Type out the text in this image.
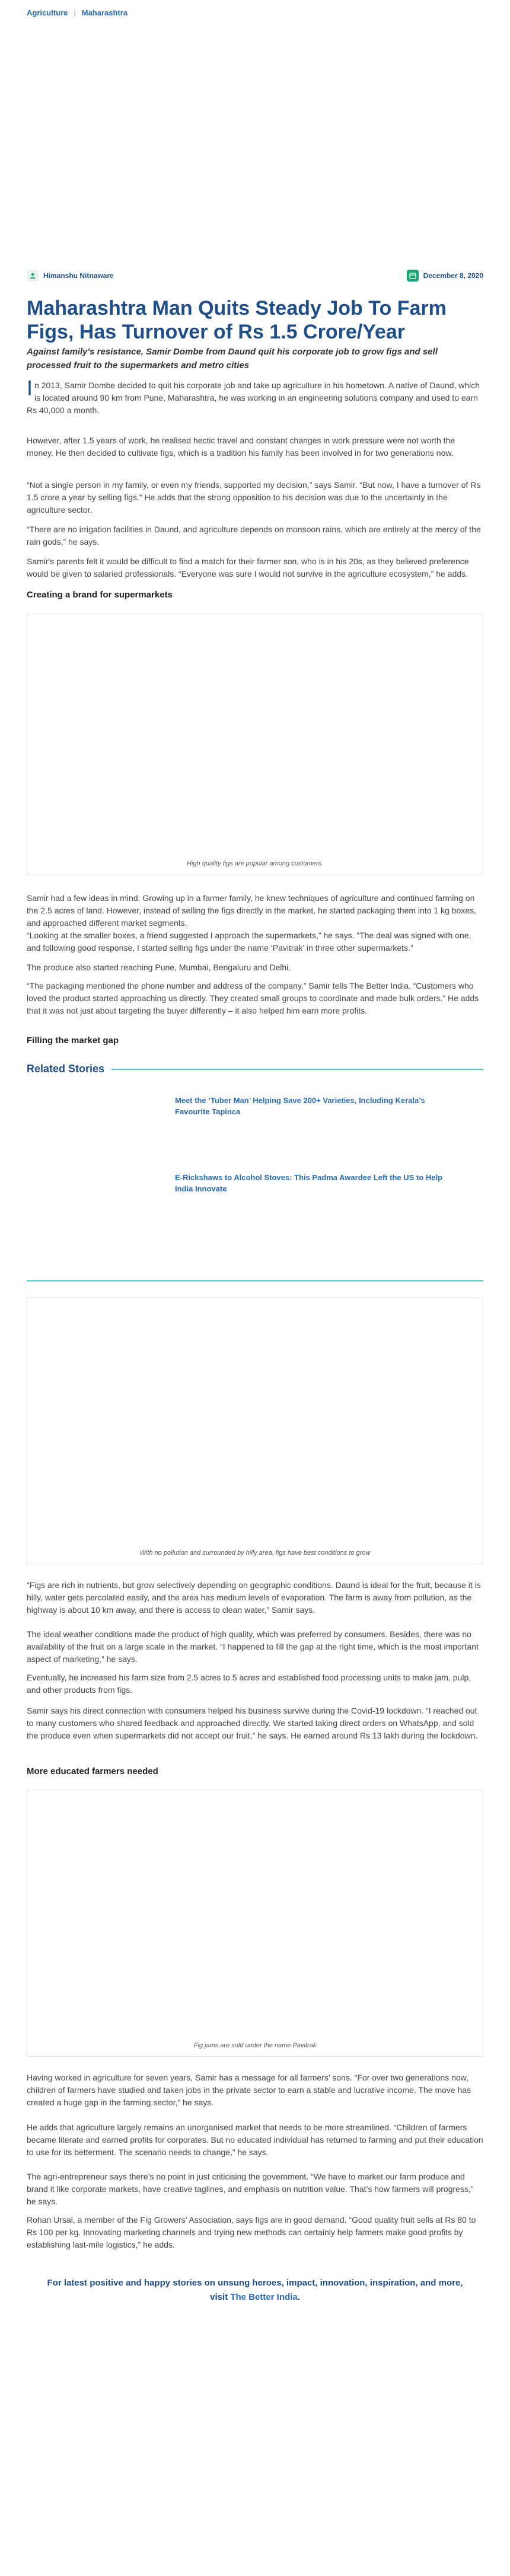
Agriculture | Maharashtra
Himanshu Nitnaware	December 8, 2020
Maharashtra Man Quits Steady Job To Farm Figs, Has Turnover of Rs 1.5 Crore/Year

Against family's resistance, Samir Dombe from Daund quit his corporate job to grow figs and sell processed fruit to the supermarkets and metro cities

In 2013, Samir Dombe decided to quit his corporate job and take up agriculture in his hometown. A native of Daund, which is located around 90 km from Pune, Maharashtra, he was working in an engineering solutions company and used to earn Rs 40,000 a month.

However, after 1.5 years of work, he realised hectic travel and constant changes in work pressure were not worth the money. He then decided to cultivate figs, which is a tradition his family has been involved in for two generations now.

“Not a single person in my family, or even my friends, supported my decision,” says Samir. “But now, I have a turnover of Rs 1.5 crore a year by selling figs.” He adds that the strong opposition to his decision was due to the uncertainty in the agriculture sector.

“There are no irrigation facilities in Daund, and agriculture depends on monsoon rains, which are entirely at the mercy of the rain gods,” he says.

Samir's parents felt it would be difficult to find a match for their farmer son, who is in his 20s, as they believed preference would be given to salaried professionals. “Everyone was sure I would not survive in the agriculture ecosystem,” he adds.

Creating a brand for supermarkets
High quality figs are popular among customers.

Samir had a few ideas in mind. Growing up in a farmer family, he knew techniques of agriculture and continued farming on the 2.5 acres of land. However, instead of selling the figs directly in the market, he started packaging them into 1 kg boxes, and approached different market segments.

“Looking at the smaller boxes, a friend suggested I approach the supermarkets,” he says. “The deal was signed with one, and following good response, I started selling figs under the name ‘Pavitrak’ in three other supermarkets.”

The produce also started reaching Pune, Mumbai, Bengaluru and Delhi.

“The packaging mentioned the phone number and address of the company,” Samir tells The Better India. “Customers who loved the product started approaching us directly. They created small groups to coordinate and made bulk orders.” He adds that it was not just about targeting the buyer differently – it also helped him earn more profits.

Filling the market gap
Related Stories

Meet the ‘Tuber Man’ Helping Save 200+ Varieties, Including Kerala’s Favourite Tapioca

E-Rickshaws to Alcohol Stoves: This Padma Awardee Left the US to Help India Innovate

With no pollution and surrounded by hilly area, figs have best conditions to grow

“Figs are rich in nutrients, but grow selectively depending on geographic conditions. Daund is ideal for the fruit, because it is hilly, water gets percolated easily, and the area has medium levels of evaporation. The farm is away from pollution, as the highway is about 10 km away, and there is access to clean water,” Samir says.

The ideal weather conditions made the product of high quality, which was preferred by consumers. Besides, there was no availability of the fruit on a large scale in the market. “I happened to fill the gap at the right time, which is the most important aspect of marketing,” he says.

Eventually, he increased his farm size from 2.5 acres to 5 acres and established food processing units to make jam, pulp, and other products from figs.

Samir says his direct connection with consumers helped his business survive during the Covid-19 lockdown. “I reached out to many customers who shared feedback and approached directly. We started taking direct orders on WhatsApp, and sold the produce even when supermarkets did not accept our fruit,” he says. He earned around Rs 13 lakh during the lockdown.

More educated farmers needed
Fig jams are sold under the name Pavitrak

Having worked in agriculture for seven years, Samir has a message for all farmers’ sons. “For over two generations now, children of farmers have studied and taken jobs in the private sector to earn a stable and lucrative income. The move has created a huge gap in the farming sector,” he says.

He adds that agriculture largely remains an unorganised market that needs to be more streamlined. “Children of farmers became literate and earned profits for corporates. But no educated individual has returned to farming and put their education to use for its betterment. The scenario needs to change,” he says.

The agri-entrepreneur says there’s no point in just criticising the government. “We have to market our farm produce and brand it like corporate markets, have creative taglines, and emphasis on nutrition value. That’s how farmers will progress,” he says.

Rohan Ursal, a member of the Fig Growers’ Association, says figs are in good demand. “Good quality fruit sells at Rs 80 to Rs 100 per kg. Innovating marketing channels and trying new methods can certainly help farmers make good profits by establishing last-mile logistics,” he adds.

For latest positive and happy stories on unsung heroes, impact, innovation, inspiration, and more,
visit The Better India.
